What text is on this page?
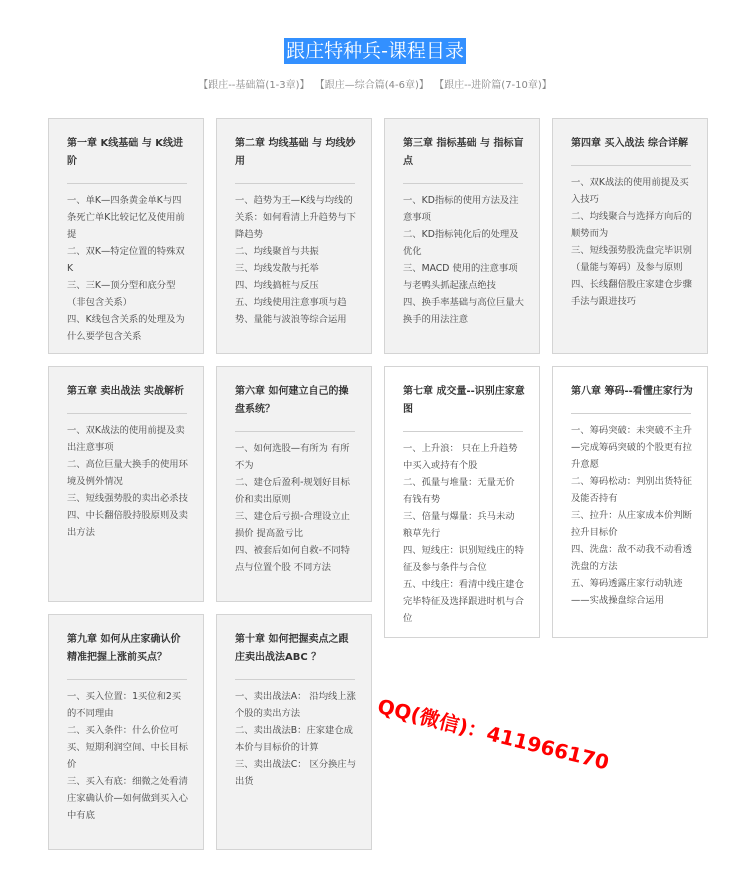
跟庄特种兵-课程目录
【跟庄--基础篇(1-3章)】 【跟庄—综合篇(4-6章)】 【跟庄--进阶篇(7-10章)】
第一章 K线基础 与 K线进阶
一、单K—四条黄金单K与四条死亡单K比较记忆及使用前提
二、双K—特定位置的特殊双K
三、三K—顶分型和底分型（非包含关系）
四、K线包含关系的处理及为什么要学包含关系
第二章 均线基础 与 均线妙用
一、趋势为王—K线与均线的关系：如何看清上升趋势与下降趋势
二、均线聚首与共振
三、均线发散与托举
四、均线搞桩与反压
五、均线使用注意事项与趋势、量能与波浪等综合运用
第三章 指标基础 与 指标盲点
一、KD指标的使用方法及注意事项
二、KD指标钝化后的处理及优化
三、MACD 使用的注意事项与老鸭头抓起涨点绝技
四、换手率基础与高位巨量大换手的用法注意
第四章 买入战法 综合详解
一、双K战法的使用前提及买入技巧
二、均线聚合与选择方向后的顺势而为
三、短线强势股洗盘完毕识别（量能与筹码）及参与原则
四、长线翻倍股庄家建仓步骤手法与跟进技巧
第五章 卖出战法 实战解析
一、双K战法的使用前提及卖出注意事项
二、高位巨量大换手的使用环境及例外情况
三、短线强势股的卖出必杀技
四、中长翻倍股持股原则及卖出方法
第六章 如何建立自己的操盘系统？
一、如何选股—有所为 有所不为
二、建仓后盈利-规划好目标价和卖出原则
三、建仓后亏损-合理设立止损价 提高盈亏比
四、被套后如何自救-不同特点与位置个股 不同方法
第七章 成交量--识别庄家意图
一、上升浪： 只在上升趋势中买入或持有个股
二、孤量与堆量：无量无价 有钱有势
三、倍量与爆量：兵马未动 粮草先行
四、短线庄：识别短线庄的特征及参与条件与合位
五、中线庄：看清中线庄建仓完毕特征及选择跟进时机与合位
第八章 筹码--看懂庄家行为
一、筹码突破：未突破不主升—完成筹码突破的个股更有拉升意愿
二、筹码松动：判别出货特征及能否持有
三、拉升：从庄家成本价判断拉升目标价
四、洗盘：敌不动我不动看透洗盘的方法
五、筹码透露庄家行动轨迹——实战操盘综合运用
第九章 如何从庄家确认价精准把握上涨前买点？
一、买入位置：1买位和2买的不同理由
二、买入条件：什么价位可买、短期利润空间、中长目标价
三、买入有底：细微之处看清庄家确认价—如何做到买入心中有底
第十章 如何把握卖点之跟庄卖出战法ABC ？
一、卖出战法A： 沿均线上涨个股的卖出方法
二、卖出战法B：庄家建仓成本价与目标价的计算
三、卖出战法C： 区分换庄与出货
QQ(微信)：411966170
